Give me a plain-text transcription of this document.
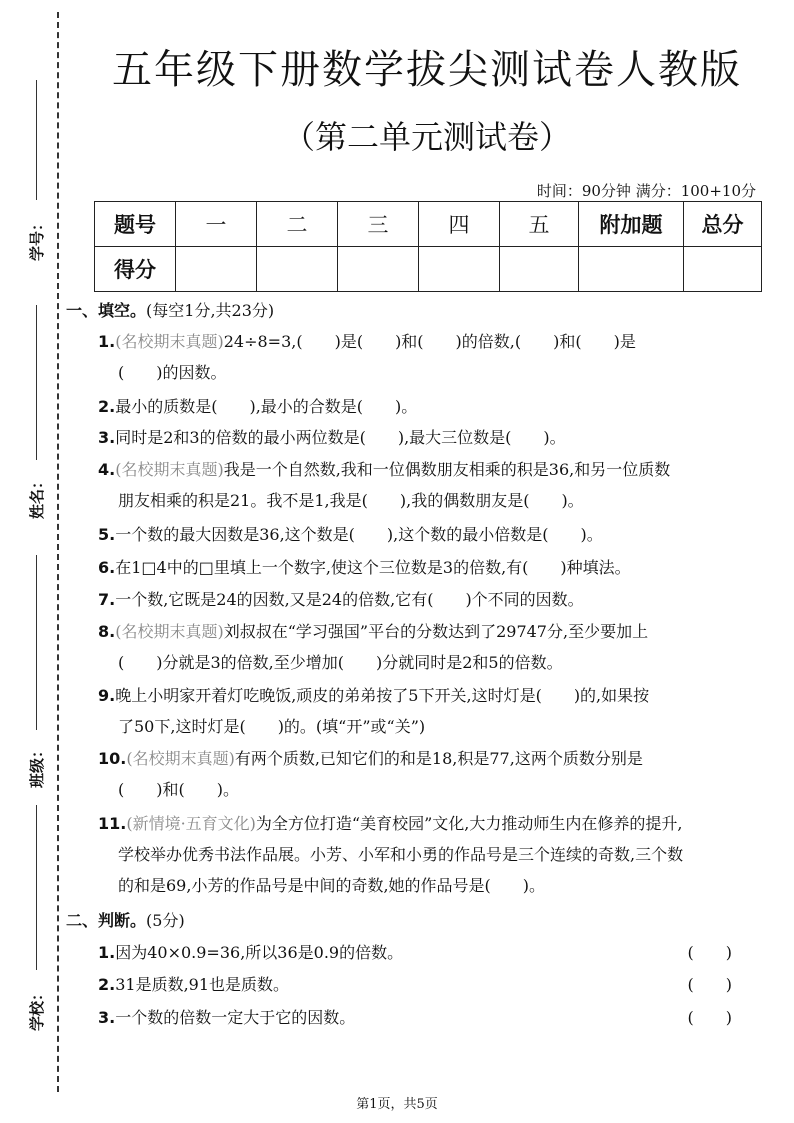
学号：
姓名：
班级：
学校：
五年级下册数学拔尖测试卷人教版
（第二单元测试卷）
时间：90分钟 满分：100+10分
题号	一	二	三	四	五	附加题	总分
得分							
一、填空。(每空1分,共23分)
1.(名校期末真题)24÷8=3,(　　)是(　　)和(　　)的倍数,(　　)和(　　)是
(　　)的因数。
2.最小的质数是(　　),最小的合数是(　　)。
3.同时是2和3的倍数的最小两位数是(　　),最大三位数是(　　)。
4.(名校期末真题)我是一个自然数,我和一位偶数朋友相乘的积是36,和另一位质数
朋友相乘的积是21。我不是1,我是(　　),我的偶数朋友是(　　)。
5.一个数的最大因数是36,这个数是(　　),这个数的最小倍数是(　　)。
6.在1□4中的□里填上一个数字,使这个三位数是3的倍数,有(　　)种填法。
7.一个数,它既是24的因数,又是24的倍数,它有(　　)个不同的因数。
8.(名校期末真题)刘叔叔在“学习强国”平台的分数达到了29747分,至少要加上
(　　)分就是3的倍数,至少增加(　　)分就同时是2和5的倍数。
9.晚上小明家开着灯吃晚饭,顽皮的弟弟按了5下开关,这时灯是(　　)的,如果按
了50下,这时灯是(　　)的。(填“开”或“关”)
10.(名校期末真题)有两个质数,已知它们的和是18,积是77,这两个质数分别是
(　　)和(　　)。
11.(新情境·五育文化)为全方位打造“美育校园”文化,大力推动师生内在修养的提升,
学校举办优秀书法作品展。小芳、小军和小勇的作品号是三个连续的奇数,三个数
的和是69,小芳的作品号是中间的奇数,她的作品号是(　　)。
二、判断。(5分)
1.因为40×0.9=36,所以36是0.9的倍数。	(　　)
2.31是质数,91也是质数。	(　　)
3.一个数的倍数一定大于它的因数。	(　　)
第1页，共5页
